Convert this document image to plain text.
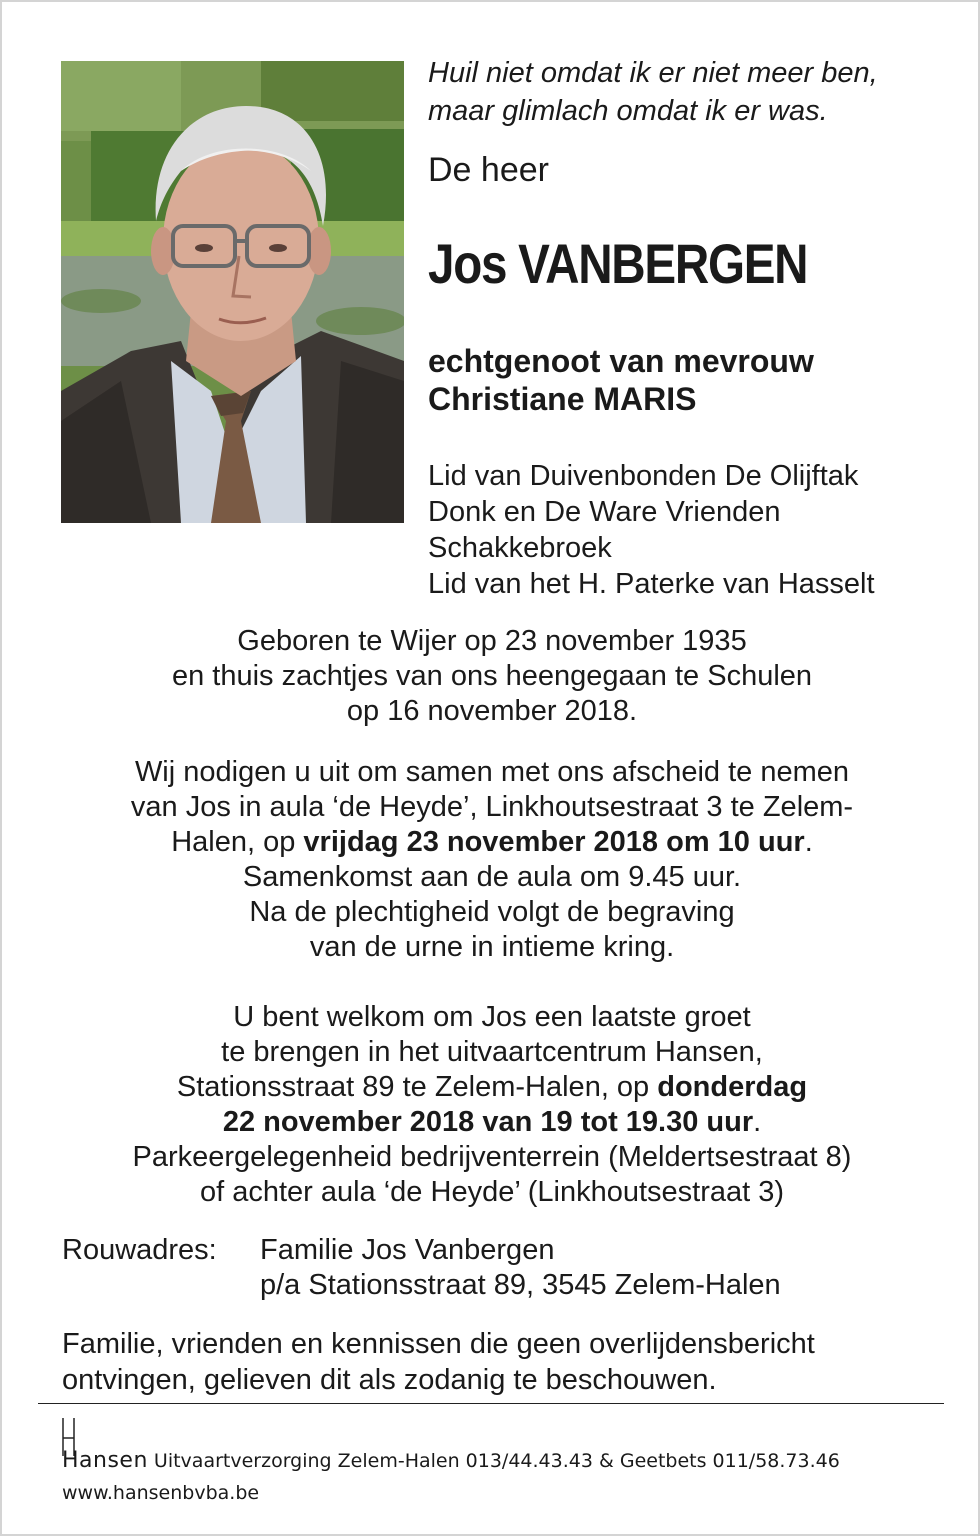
Huil niet omdat ik er niet meer ben,
maar glimlach omdat ik er was.
De heer
Jos VANBERGEN
echtgenoot van mevrouw
Christiane MARIS
Lid van Duivenbonden De Olijftak
Donk en De Ware Vrienden
Schakkebroek
Lid van het H. Paterke van Hasselt
Geboren te Wijer op 23 november 1935
en thuis zachtjes van ons heengegaan te Schulen
op 16 november 2018.
Wij nodigen u uit om samen met ons afscheid te nemen
van Jos in aula ‘de Heyde’, Linkhoutsestraat 3 te Zelem-
Halen, op vrijdag 23 november 2018 om 10 uur.
Samenkomst aan de aula om 9.45 uur.
Na de plechtigheid volgt de begraving
van de urne in intieme kring.
U bent welkom om Jos een laatste groet
te brengen in het uitvaartcentrum Hansen,
Stationsstraat 89 te Zelem-Halen, op donderdag
22 november 2018 van 19 tot 19.30 uur.
Parkeergelegenheid bedrijventerrein (Meldertsestraat 8)
of achter aula ‘de Heyde’ (Linkhoutsestraat 3)
Rouwadres: Familie Jos Vanbergen
p/a Stationsstraat 89, 3545 Zelem-Halen
Familie, vrienden en kennissen die geen overlijdensbericht
ontvingen, gelieven dit als zodanig te beschouwen.
Hansen Uitvaartverzorging Zelem-Halen 013/44.43.43 & Geetbets 011/58.73.46
www.hansenbvba.be
